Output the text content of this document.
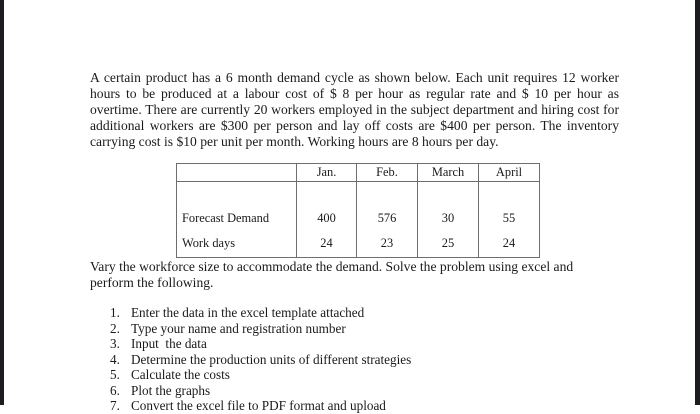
A certain product has a 6 month demand cycle as shown below. Each unit requires 12 worker hours to be produced at a labour cost of $ 8 per hour as regular rate and $ 10 per hour as overtime. There are currently 20 workers employed in the subject department and hiring cost for additional workers are $300 per person and lay off costs are $400 per person. The inventory carrying cost is $10 per unit per month. Working hours are 8 hours per day.

	Jan.	Feb.	March	April
Forecast Demand	400	576	30	55
Work days	24	23	25	24

Vary the workforce size to accommodate the demand. Solve the problem using excel and perform the following.

1. Enter the data in the excel template attached
2. Type your name and registration number
3. Input  the data
4. Determine the production units of different strategies
5. Calculate the costs
6. Plot the graphs
7. Convert the excel file to PDF format and upload
